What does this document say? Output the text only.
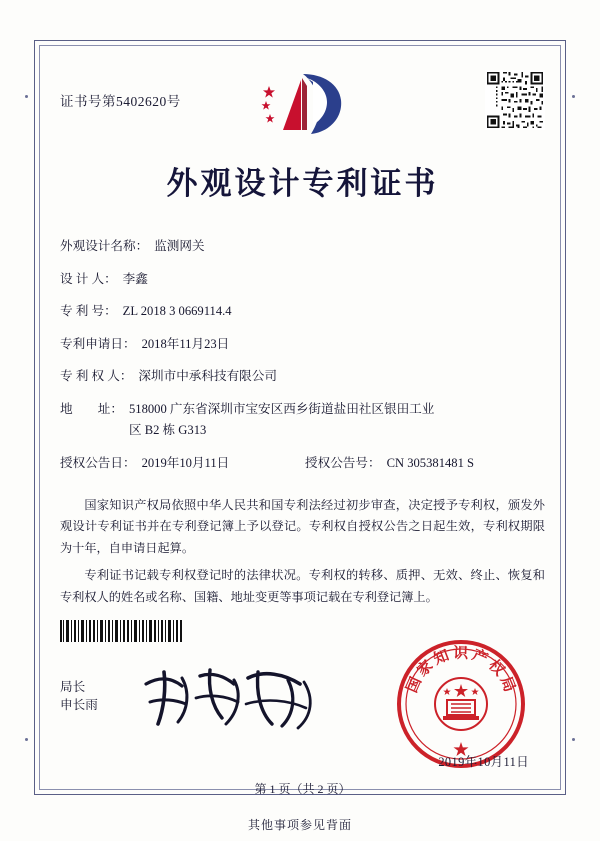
证书号第5402620号
外观设计专利证书
外观设计名称： 监测网关
设 计 人： 李鑫
专 利 号： ZL 2018 3 0669114.4
专利申请日： 2018年11月23日
专 利 权 人： 深圳市中承科技有限公司
地        址： 518000 广东省深圳市宝安区西乡街道盐田社区银田工业
区 B2 栋 G313
授权公告日： 2019年10月11日	授权公告号： CN 305381481 S

国家知识产权局依照中华人民共和国专利法经过初步审查，决定授予专利权，颁发外观设计专利证书并在专利登记簿上予以登记。专利权自授权公告之日起生效，专利权期限为十年，自申请日起算。

专利证书记载专利权登记时的法律状况。专利权的转移、质押、无效、终止、恢复和专利权人的姓名或名称、国籍、地址变更等事项记载在专利登记簿上。

局长
申长雨
国家知识产权局
2019年10月11日
第 1 页（共 2 页）
其他事项参见背面
